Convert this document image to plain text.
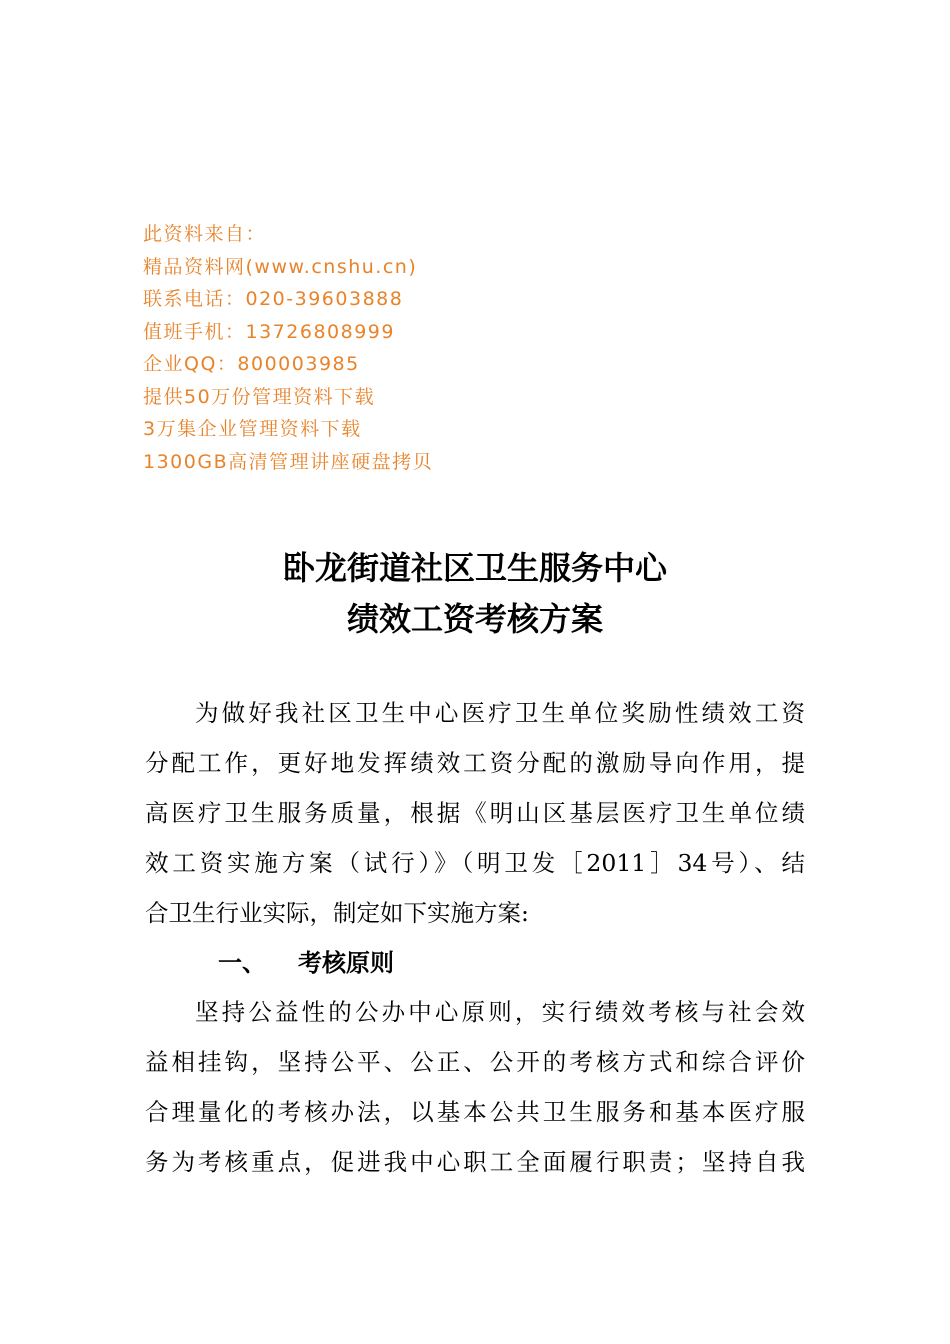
此资料来自：
精品资料网(www.cnshu.cn)
联系电话：020-39603888
值班手机：13726808999
企业QQ：800003985
提供50万份管理资料下载
3万集企业管理资料下载
1300GB高清管理讲座硬盘拷贝
卧龙街道社区卫生服务中心
绩效工资考核方案
为做好我社区卫生中心医疗卫生单位奖励性绩效工资
分配工作，更好地发挥绩效工资分配的激励导向作用，提
高医疗卫生服务质量，根据《明山区基层医疗卫生单位绩
效工资实施方案（试行）》（明卫发［2011］34号）、结
合卫生行业实际，制定如下实施方案:
一、 考核原则
坚持公益性的公办中心原则，实行绩效考核与社会效
益相挂钩，坚持公平、公正、公开的考核方式和综合评价
合理量化的考核办法，以基本公共卫生服务和基本医疗服
务为考核重点，促进我中心职工全面履行职责；坚持自我
